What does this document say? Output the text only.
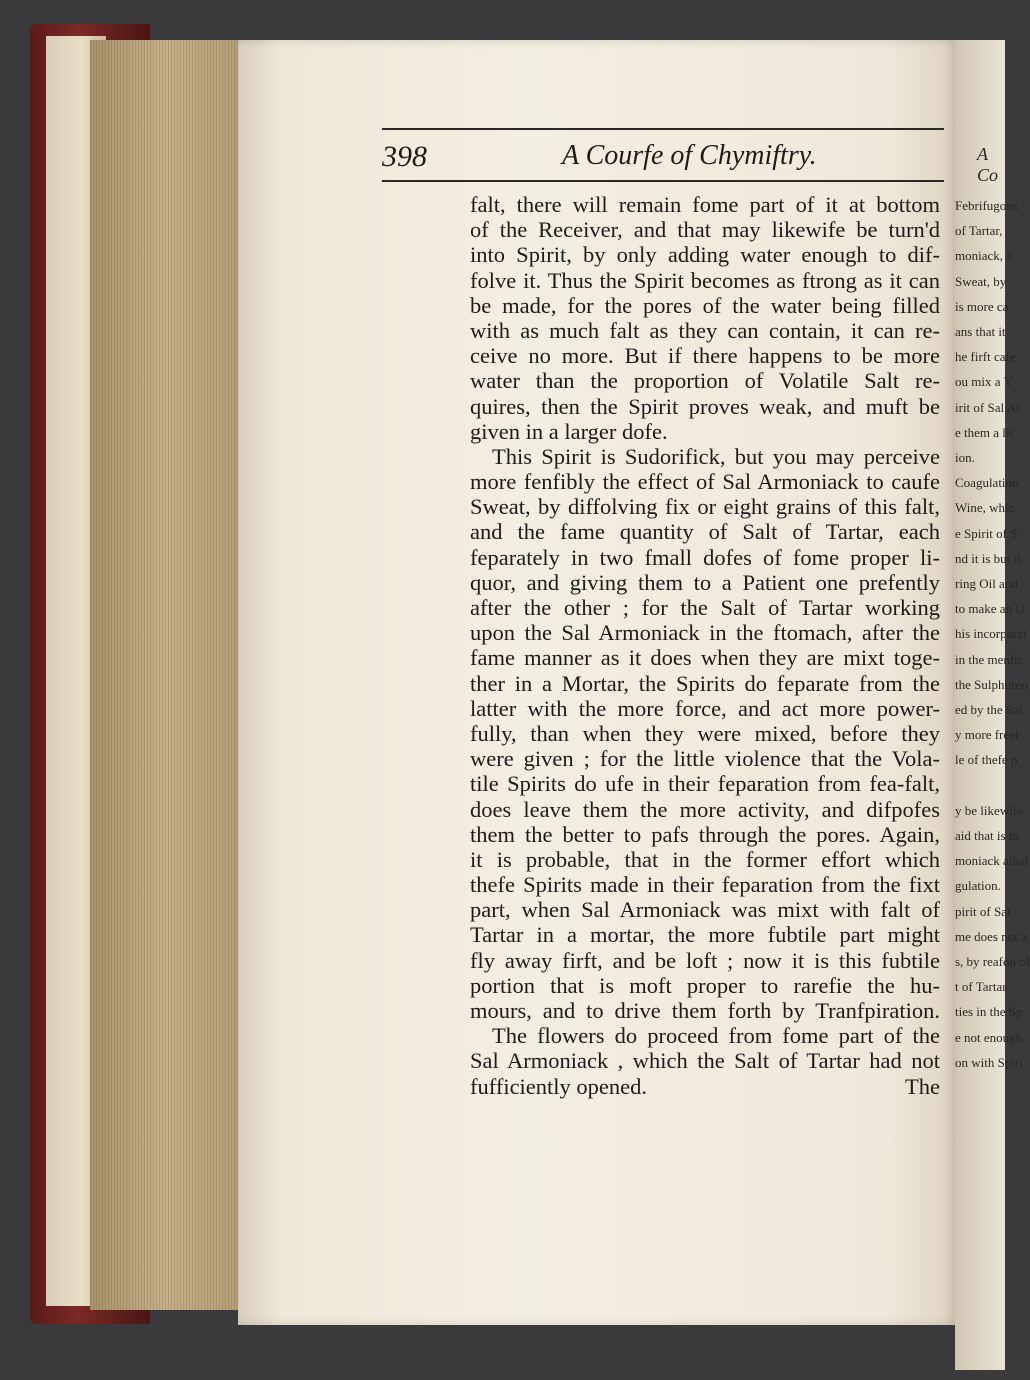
A Co
Febrifugous
of Tartar,
moniack, it
Sweat, by
is more ca
ans that it
he firft cafe
ou mix a V
irit of Sal Ar
e them a lit
ion.
Coagulation
Wine, whic
e Spirit of S
nd it is but tl
ring Oil and
to make an U
his incorporat
in the menftr
the Sulphureo
ed by the Sal
y more freel
le of thefe p
y be likewife
aid that is in
moniack alkal
gulation.
pirit of Sal
me does not a
s, by reafon of
t of Tartar
ties in the Sp
e not enough
on with Spiri
398	A Courfe of Chymiftry.
falt, there will remain fome part of it at bottom
of the Receiver, and that may likewife be turn'd
into Spirit, by only adding water enough to dif-
folve it. Thus the Spirit becomes as ftrong as it can
be made, for the pores of the water being filled
with as much falt as they can contain, it can re-
ceive no more. But if there happens to be more
water than the proportion of Volatile Salt re-
quires, then the Spirit proves weak, and muft be
given in a larger dofe.
This Spirit is Sudorifick, but you may perceive
more fenfibly the effect of Sal Armoniack to caufe
Sweat, by diffolving fix or eight grains of this falt,
and the fame quantity of Salt of Tartar, each
feparately in two fmall dofes of fome proper li-
quor, and giving them to a Patient one prefently
after the other ; for the Salt of Tartar working
upon the Sal Armoniack in the ftomach, after the
fame manner as it does when they are mixt toge-
ther in a Mortar, the Spirits do feparate from the
latter with the more force, and act more power-
fully, than when they were mixed, before they
were given ; for the little violence that the Vola-
tile Spirits do ufe in their feparation from fea-falt,
does leave them the more activity, and difpofes
them the better to pafs through the pores. Again,
it is probable, that in the former effort which
thefe Spirits made in their feparation from the fixt
part, when Sal Armoniack was mixt with falt of
Tartar in a mortar, the more fubtile part might
fly away firft, and be loft ; now it is this fubtile
portion that is moft proper to rarefie the hu-
mours, and to drive them forth by Tranfpiration.
The flowers do proceed from fome part of the
Sal Armoniack , which the Salt of Tartar had not
fufficiently opened.	The
